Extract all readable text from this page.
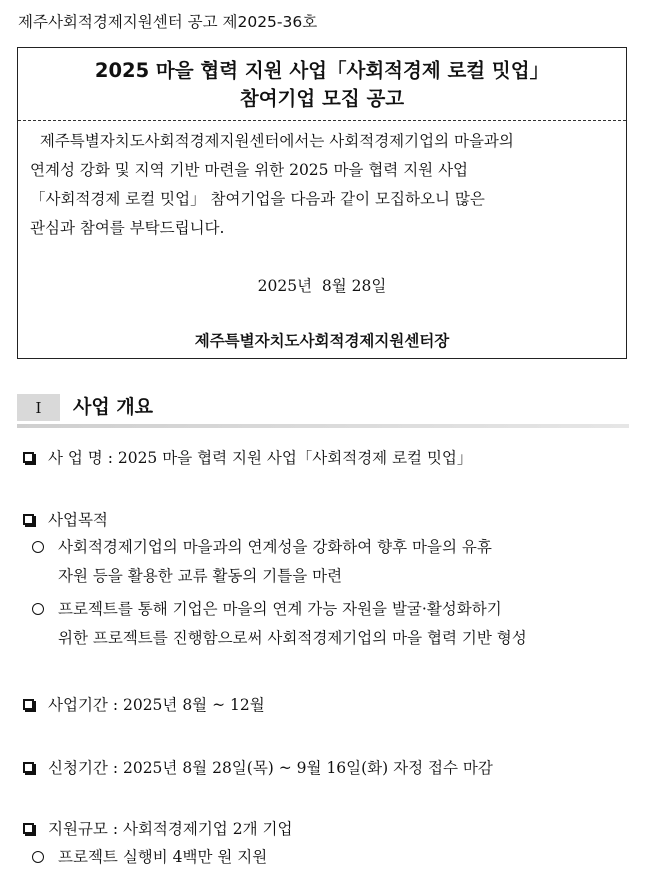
제주사회적경제지원센터 공고 제2025-36호
2025 마을 협력 지원 사업「사회적경제 로컬 밋업」
참여기업 모집 공고
제주특별자치도사회적경제지원센터에서는 사회적경제기업의 마을과의
연계성 강화 및 지역 기반 마련을 위한 2025 마을 협력 지원 사업
「사회적경제 로컬 밋업」 참여기업을 다음과 같이 모집하오니 많은
관심과 참여를 부탁드립니다.
2025년  8월 28일
제주특별자치도사회적경제지원센터장
I	사업 개요
사 업 명 : 2025 마을 협력 지원 사업「사회적경제 로컬 밋업」
사업목적
사회적경제기업의 마을과의 연계성을 강화하여 향후 마을의 유휴
자원 등을 활용한 교류 활동의 기틀을 마련
프로젝트를 통해 기업은 마을의 연계 가능 자원을 발굴·활성화하기
위한 프로젝트를 진행함으로써 사회적경제기업의 마을 협력 기반 형성
사업기간 : 2025년 8월 ~ 12월
신청기간 : 2025년 8월 28일(목) ~ 9월 16일(화) 자정 접수 마감
지원규모 : 사회적경제기업 2개 기업
프로젝트 실행비 4백만 원 지원
